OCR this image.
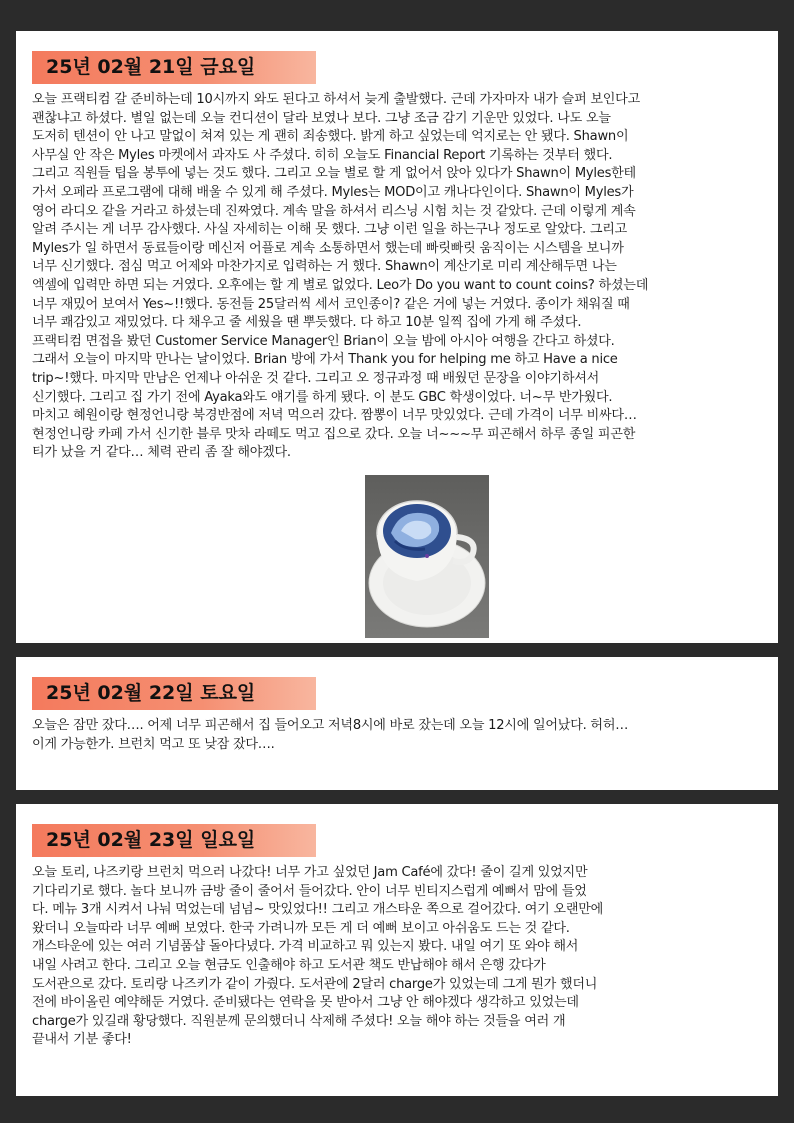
25년 02월 21일 금요일

오늘 프랙티컴 갈 준비하는데 10시까지 와도 된다고 하셔서 늦게 출발했다. 근데 가자마자 내가 슬퍼 보인다고
괜찮냐고 하셨다. 별일 없는데 오늘 컨디션이 달라 보였나 보다. 그냥 조금 감기 기운만 있었다. 나도 오늘
도저히 텐션이 안 나고 말없이 쳐져 있는 게 괜히 죄송했다. 밝게 하고 싶었는데 억지로는 안 됐다. Shawn이
사무실 안 작은 Myles 마켓에서 과자도 사 주셨다. 히히 오늘도 Financial Report 기록하는 것부터 했다.
그리고 직원들 팁을 봉투에 넣는 것도 했다. 그리고 오늘 별로 할 게 없어서 앉아 있다가 Shawn이 Myles한테
가서 오페라 프로그램에 대해 배울 수 있게 해 주셨다. Myles는 MOD이고 캐나다인이다. Shawn이 Myles가
영어 라디오 같을 거라고 하셨는데 진짜였다. 계속 말을 하셔서 리스닝 시험 치는 것 같았다. 근데 이렇게 계속
알려 주시는 게 너무 감사했다. 사실 자세히는 이해 못 했다. 그냥 이런 일을 하는구나 정도로 알았다. 그리고
Myles가 일 하면서 동료들이랑 메신저 어플로 계속 소통하면서 했는데 빠릿빠릿 움직이는 시스템을 보니까
너무 신기했다. 점심 먹고 어제와 마찬가지로 입력하는 거 했다. Shawn이 계산기로 미리 계산해두면 나는
엑셀에 입력만 하면 되는 거였다. 오후에는 할 게 별로 없었다. Leo가 Do you want to count coins? 하셨는데
너무 재밌어 보여서 Yes~!!했다. 동전들 25달러씩 세서 코인종이? 같은 거에 넣는 거였다. 종이가 채워질 때
너무 쾌감있고 재밌었다. 다 채우고 줄 세웠을 땐 뿌듯했다. 다 하고 10분 일찍 집에 가게 해 주셨다.
프랙티컴 면접을 봤던 Customer Service Manager인 Brian이 오늘 밤에 아시아 여행을 간다고 하셨다.
그래서 오늘이 마지막 만나는 날이었다. Brian 방에 가서 Thank you for helping me 하고 Have a nice
trip~!했다. 마지막 만남은 언제나 아쉬운 것 같다. 그리고 오 정규과정 때 배웠던 문장을 이야기하셔서
신기했다. 그리고 집 가기 전에 Ayaka와도 얘기를 하게 됐다. 이 분도 GBC 학생이었다. 너~무 반가웠다.
마치고 혜원이랑 현정언니랑 북경반점에 저녁 먹으러 갔다. 짬뽕이 너무 맛있었다. 근데 가격이 너무 비싸다…
현정언니랑 카페 가서 신기한 블루 맛차 라떼도 먹고 집으로 갔다. 오늘 너~~~무 피곤해서 하루 종일 피곤한
티가 났을 거 같다… 체력 관리 좀 잘 해야겠다.

25년 02월 22일 토요일

오늘은 잠만 잤다…. 어제 너무 피곤해서 집 들어오고 저녁8시에 바로 잤는데 오늘 12시에 일어났다. 허허…
이게 가능한가. 브런치 먹고 또 낮잠 잤다….

25년 02월 23일 일요일

오늘 토리, 나즈키랑 브런치 먹으러 나갔다! 너무 가고 싶었던 Jam Café에 갔다! 줄이 길게 있었지만
기다리기로 했다. 놀다 보니까 금방 줄이 줄어서 들어갔다. 안이 너무 빈티지스럽게 예뻐서 맘에 들었
다. 메뉴 3개 시켜서 나눠 먹었는데 넘넘~ 맛있었다!! 그리고 개스타운 쪽으로 걸어갔다. 여기 오랜만에
왔더니 오늘따라 너무 예뻐 보였다. 한국 가려니까 모든 게 더 예뻐 보이고 아쉬움도 드는 것 같다.
개스타운에 있는 여러 기념품샵 돌아다녔다. 가격 비교하고 뭐 있는지 봤다. 내일 여기 또 와야 해서
내일 사려고 한다. 그리고 오늘 현금도 인출해야 하고 도서관 책도 반납해야 해서 은행 갔다가
도서관으로 갔다. 토리랑 나즈키가 같이 가줬다. 도서관에 2달러 charge가 있었는데 그게 뭔가 했더니
전에 바이올린 예약해둔 거였다. 준비됐다는 연락을 못 받아서 그냥 안 해야겠다 생각하고 있었는데
charge가 있길래 황당했다. 직원분께 문의했더니 삭제해 주셨다! 오늘 해야 하는 것들을 여러 개
끝내서 기분 좋다!
